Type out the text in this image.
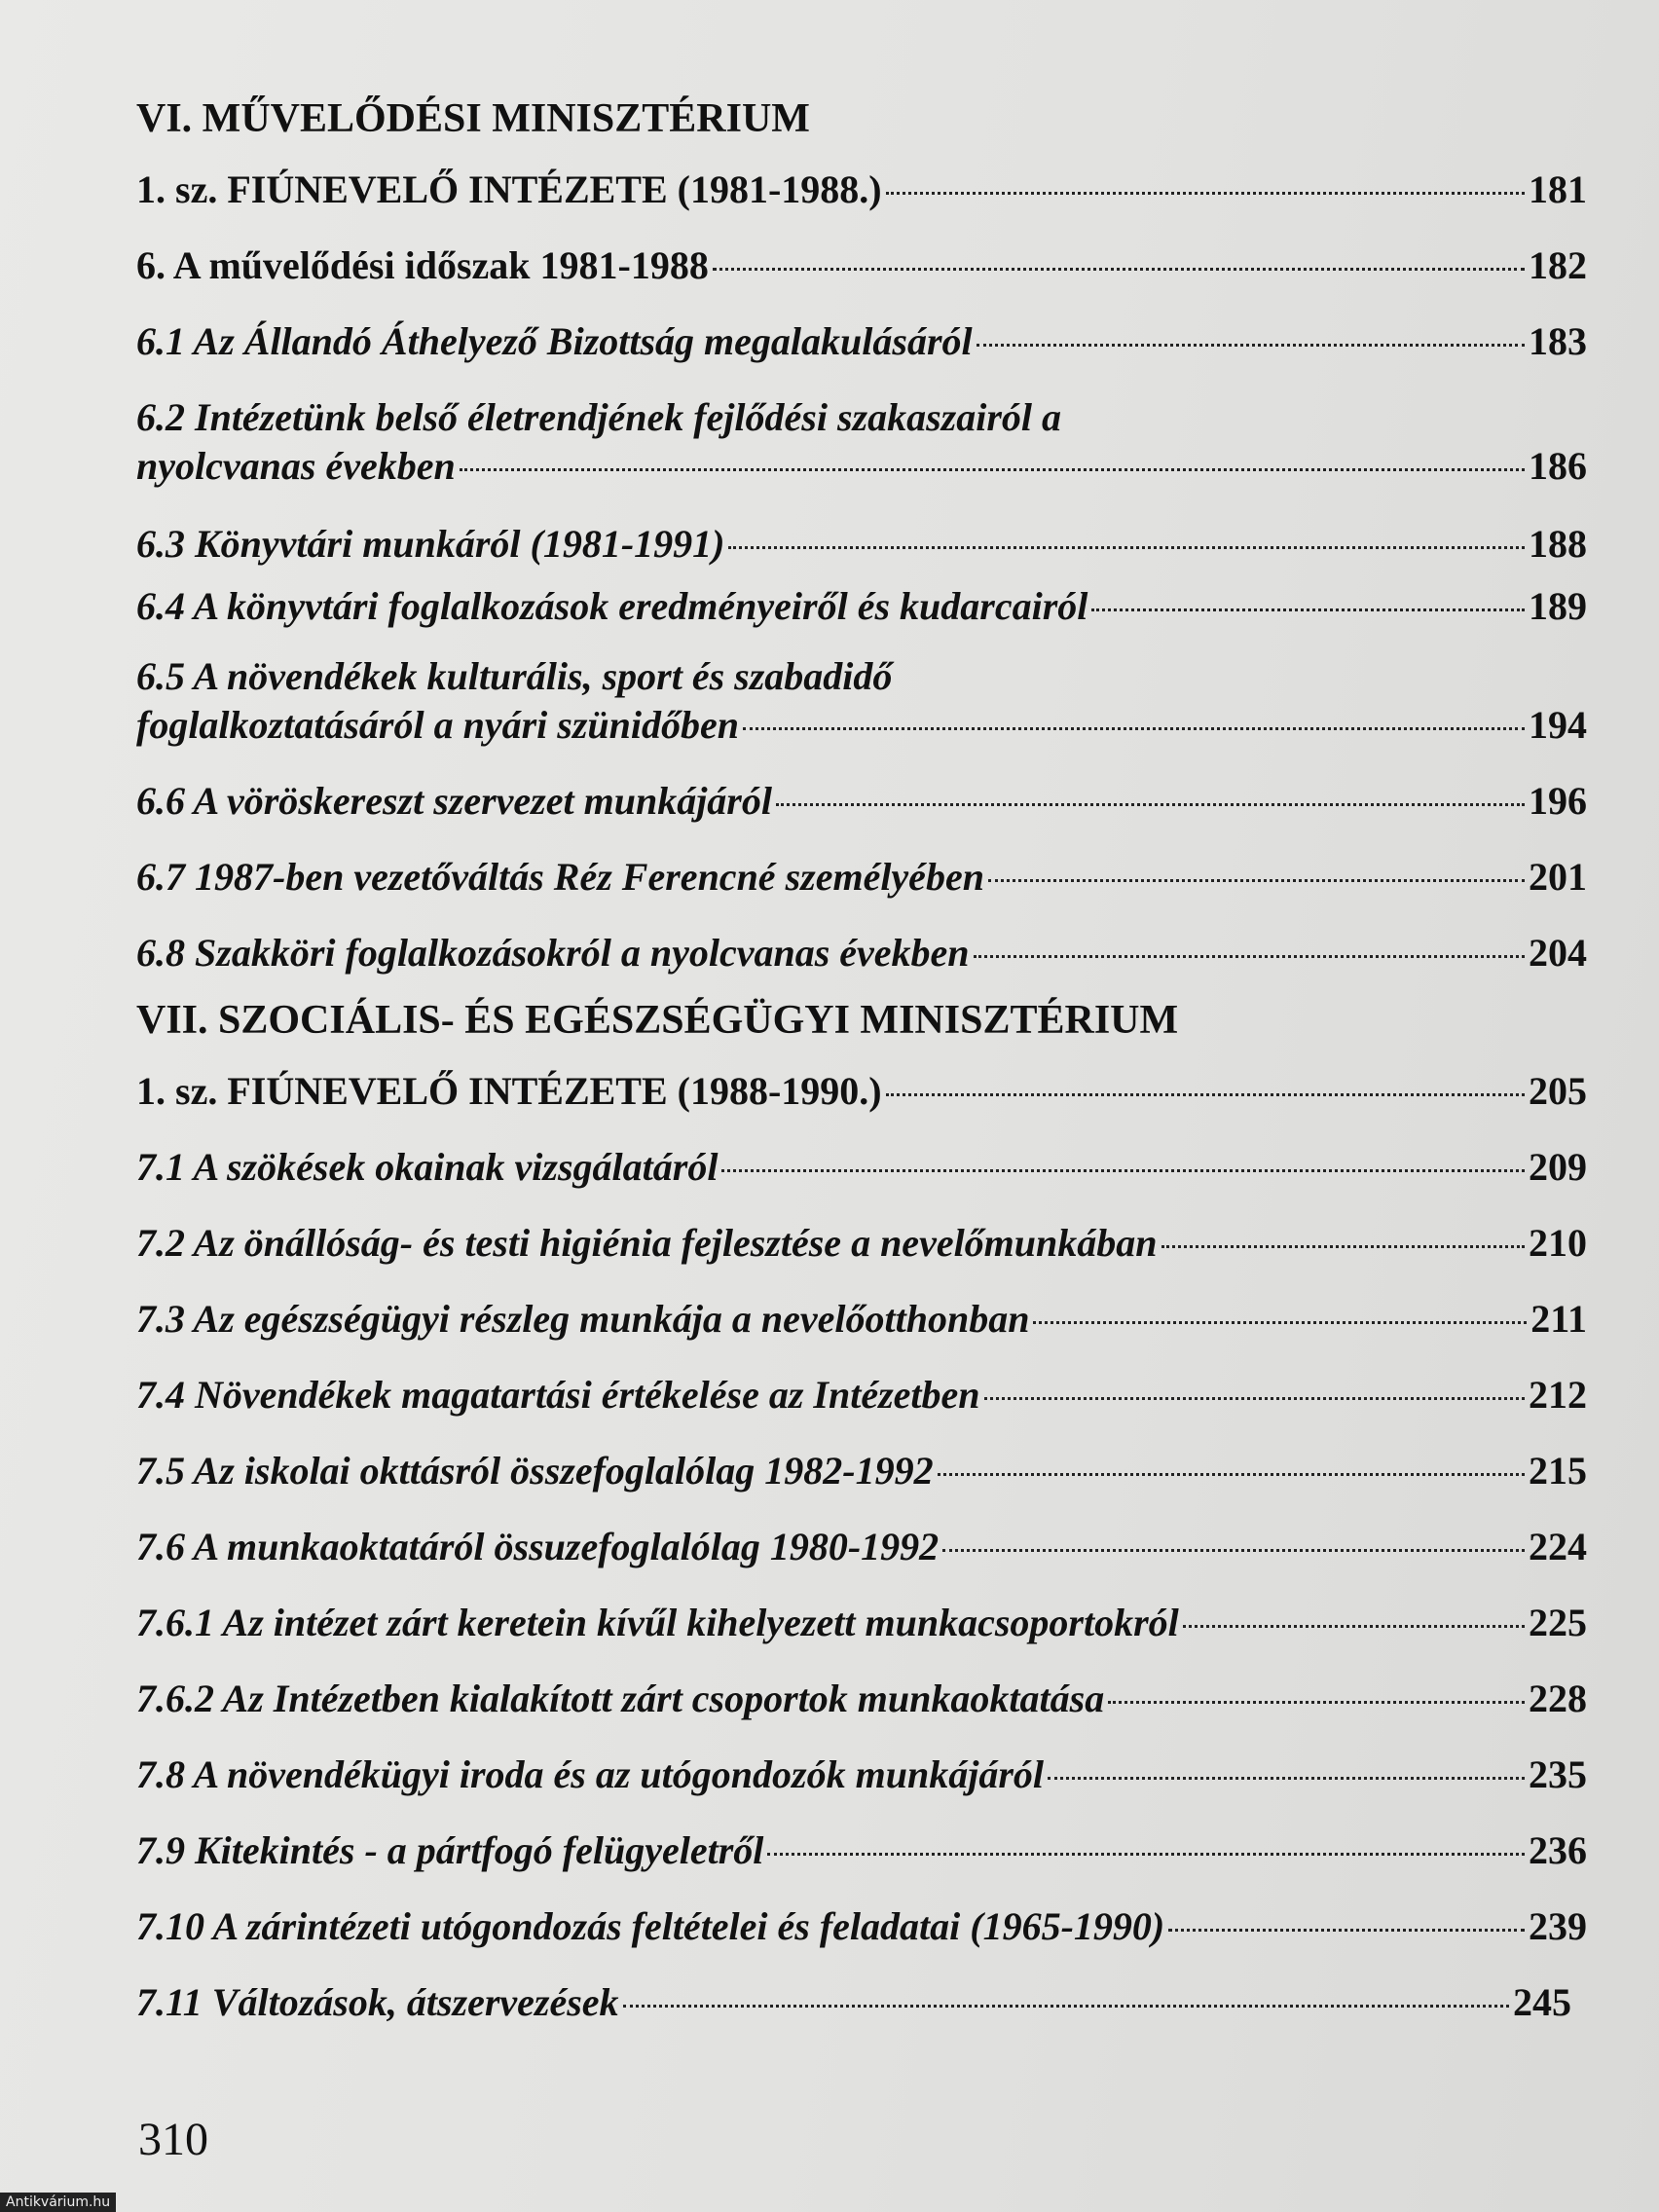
VI. MŰVELŐDÉSI MINISZTÉRIUM
1. sz. FIÚNEVELŐ INTÉZETE (1981-1988.)	181
6. A művelődési időszak 1981-1988	182
6.1 Az Állandó Áthelyező Bizottság megalakulásáról	183
6.2 Intézetünk belső életrendjének fejlődési szakaszairól a
nyolcvanas években	186
6.3 Könyvtári munkáról (1981-1991)	188
6.4 A könyvtári foglalkozások eredményeiről és kudarcairól	189
6.5 A növendékek kulturális, sport és szabadidő
foglalkoztatásáról a nyári szünidőben	194
6.6 A vöröskereszt szervezet munkájáról	196
6.7 1987-ben vezetőváltás Réz Ferencné személyében	201
6.8 Szakköri foglalkozásokról a nyolcvanas években	204
VII. SZOCIÁLIS- ÉS EGÉSZSÉGÜGYI MINISZTÉRIUM
1. sz. FIÚNEVELŐ INTÉZETE (1988-1990.)	205
7.1 A szökések okainak vizsgálatáról	209
7.2 Az önállóság- és testi higiénia fejlesztése a nevelőmunkában	210
7.3 Az egészségügyi részleg munkája a nevelőotthonban	211
7.4 Növendékek magatartási értékelése az Intézetben	212
7.5 Az iskolai okttásról összefoglalólag 1982-1992	215
7.6 A munkaoktatáról össuzefoglalólag 1980-1992	224
7.6.1 Az intézet zárt keretein kívűl kihelyezett munkacsoportokról	225
7.6.2 Az Intézetben kialakított zárt csoportok munkaoktatása	228
7.8 A növendékügyi iroda és az utógondozók munkájáról	235
7.9 Kitekintés - a pártfogó felügyeletről	236
7.10 A zárintézeti utógondozás feltételei és feladatai (1965-1990)	239
7.11 Változások, átszervezések	245
310
Antikvárium.hu
